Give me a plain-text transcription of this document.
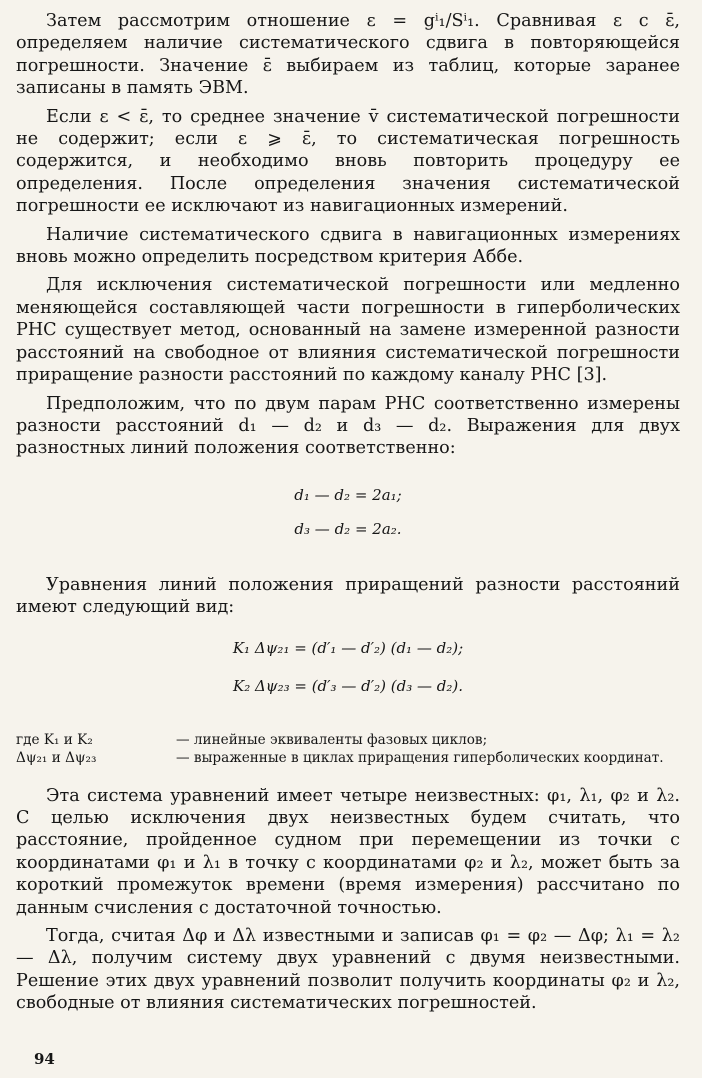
Затем рассмотрим отношение ε = gⁱ₁/Sⁱ₁. Сравнивая ε с ε̄, определяем наличие систематического сдвига в повторяющейся погрешности. Значение ε̄ выбираем из таблиц, которые заранее записаны в память ЭВМ.

Если ε < ε̄, то среднее значение v̄ систематической погрешности не содержит; если ε ⩾ ε̄, то систематическая погрешность содержится, и необходимо вновь повторить процедуру ее определения. После определения значения систематической погрешности ее исключают из навигационных измерений.

Наличие систематического сдвига в навигационных измерениях вновь можно определить посредством критерия Аббе.

Для исключения систематической погрешности или медленно меняющейся составляющей части погрешности в гиперболических РНС существует метод, основанный на замене измеренной разности расстояний на свободное от влияния систематической погрешности приращение разности расстояний по каждому каналу РНС [3].

Предположим, что по двум парам РНС соответственно измерены разности расстояний d₁ — d₂ и d₃ — d₂. Выражения для двух разностных линий положения соответственно:

d₁ — d₂ = 2a₁;

d₃ — d₂ = 2a₂.

Уравнения линий положения приращений разности расстояний имеют следующий вид:

K₁ Δψ₂₁ = (d′₁ — d′₂) (d₁ — d₂);

K₂ Δψ₂₃ = (d′₃ — d′₂) (d₃ — d₂).

где K₁ и K₂	— линейные эквиваленты фазовых циклов;
Δψ₂₁ и Δψ₂₃	— выраженные в циклах приращения гиперболических координат.

Эта система уравнений имеет четыре неизвестных: φ₁, λ₁, φ₂ и λ₂. С целью исключения двух неизвестных будем считать, что расстояние, пройденное судном при перемещении из точки с координатами φ₁ и λ₁ в точку с координатами φ₂ и λ₂, может быть за короткий промежуток времени (время измерения) рассчитано по данным счисления с достаточной точностью.

Тогда, считая Δφ и Δλ известными и записав φ₁ = φ₂ — Δφ; λ₁ = λ₂ — Δλ, получим систему двух уравнений с двумя неизвестными. Решение этих двух уравнений позволит получить координаты φ₂ и λ₂, свободные от влияния систематических погрешностей.

94
